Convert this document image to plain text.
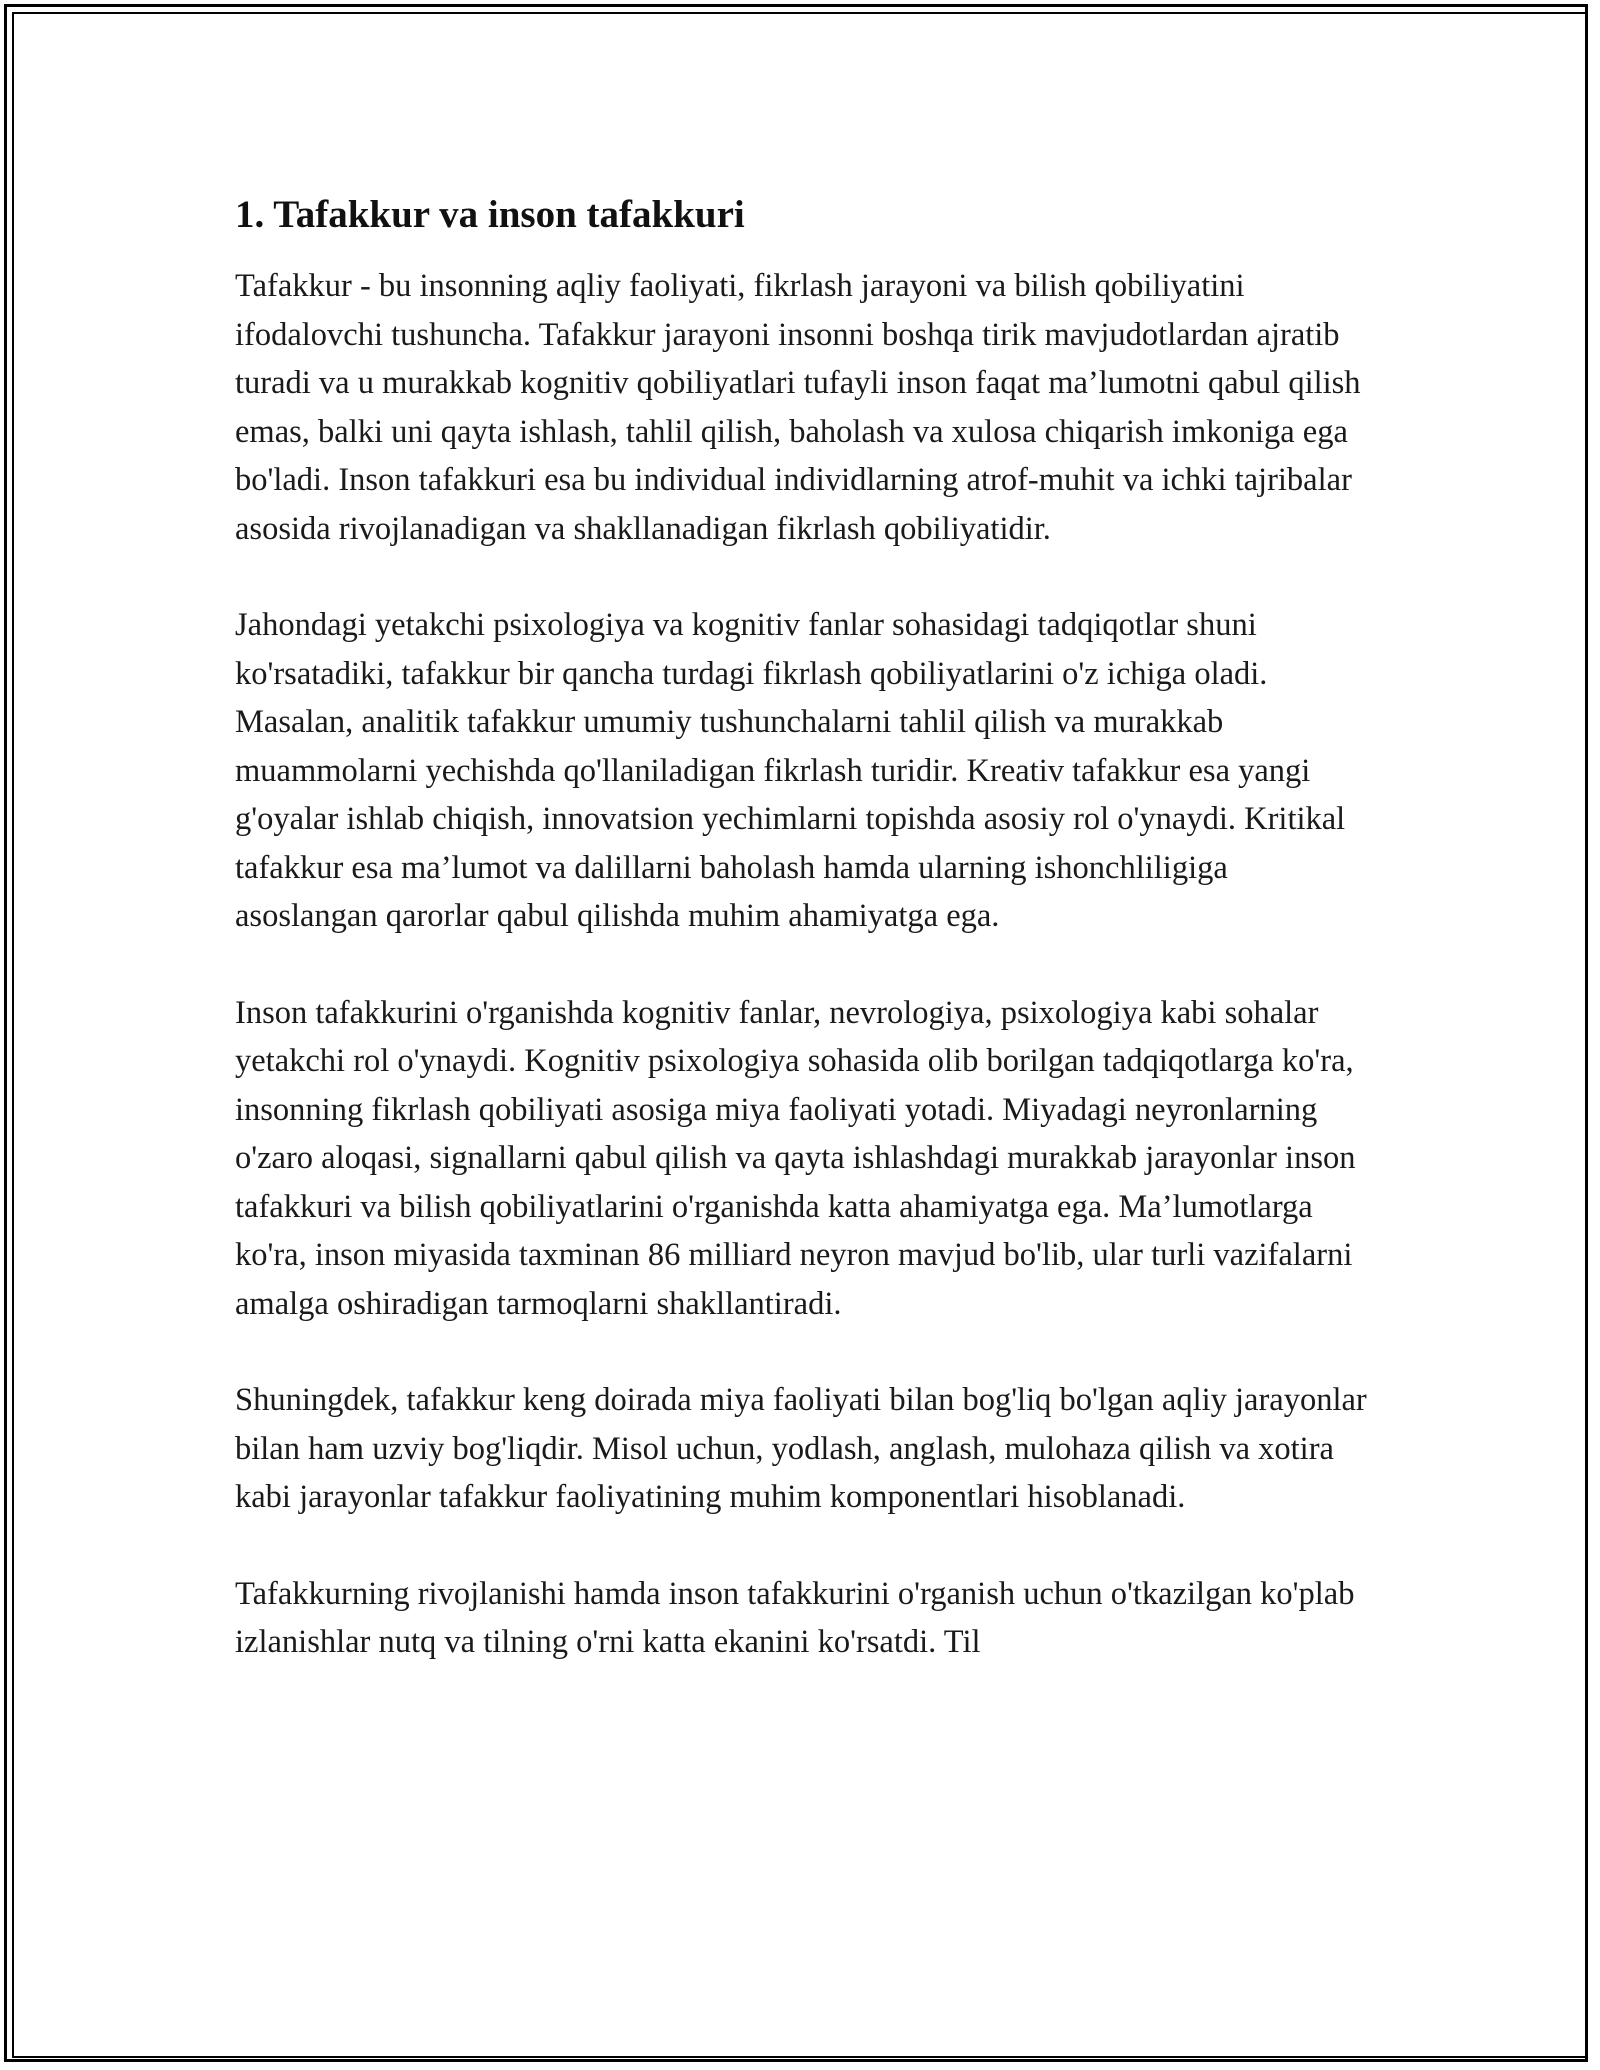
1. Tafakkur va inson tafakkuri

Tafakkur - bu insonning aqliy faoliyati, fikrlash jarayoni va bilish qobiliyatini ifodalovchi tushuncha. Tafakkur jarayoni insonni boshqa tirik mavjudotlardan ajratib turadi va u murakkab kognitiv qobiliyatlari tufayli inson faqat ma’lumotni qabul qilish emas, balki uni qayta ishlash, tahlil qilish, baholash va xulosa chiqarish imkoniga ega bo'ladi. Inson tafakkuri esa bu individual individlarning atrof-muhit va ichki tajribalar asosida rivojlanadigan va shakllanadigan fikrlash qobiliyatidir.

Jahondagi yetakchi psixologiya va kognitiv fanlar sohasidagi tadqiqotlar shuni ko'rsatadiki, tafakkur bir qancha turdagi fikrlash qobiliyatlarini o'z ichiga oladi. Masalan, analitik tafakkur umumiy tushunchalarni tahlil qilish va murakkab muammolarni yechishda qo'llaniladigan fikrlash turidir. Kreativ tafakkur esa yangi g'oyalar ishlab chiqish, innovatsion yechimlarni topishda asosiy rol o'ynaydi. Kritikal tafakkur esa ma’lumot va dalillarni baholash hamda ularning ishonchliligiga asoslangan qarorlar qabul qilishda muhim ahamiyatga ega.

Inson tafakkurini o'rganishda kognitiv fanlar, nevrologiya, psixologiya kabi sohalar yetakchi rol o'ynaydi. Kognitiv psixologiya sohasida olib borilgan tadqiqotlarga ko'ra, insonning fikrlash qobiliyati asosiga miya faoliyati yotadi. Miyadagi neyronlarning o'zaro aloqasi, signallarni qabul qilish va qayta ishlashdagi murakkab jarayonlar inson tafakkuri va bilish qobiliyatlarini o'rganishda katta ahamiyatga ega. Ma’lumotlarga ko'ra, inson miyasida taxminan 86 milliard neyron mavjud bo'lib, ular turli vazifalarni amalga oshiradigan tarmoqlarni shakllantiradi.

Shuningdek, tafakkur keng doirada miya faoliyati bilan bog'liq bo'lgan aqliy jarayonlar bilan ham uzviy bog'liqdir. Misol uchun, yodlash, anglash, mulohaza qilish va xotira kabi jarayonlar tafakkur faoliyatining muhim komponentlari hisoblanadi.

Tafakkurning rivojlanishi hamda inson tafakkurini o'rganish uchun o'tkazilgan ko'plab izlanishlar nutq va tilning o'rni katta ekanini ko'rsatdi. Til
